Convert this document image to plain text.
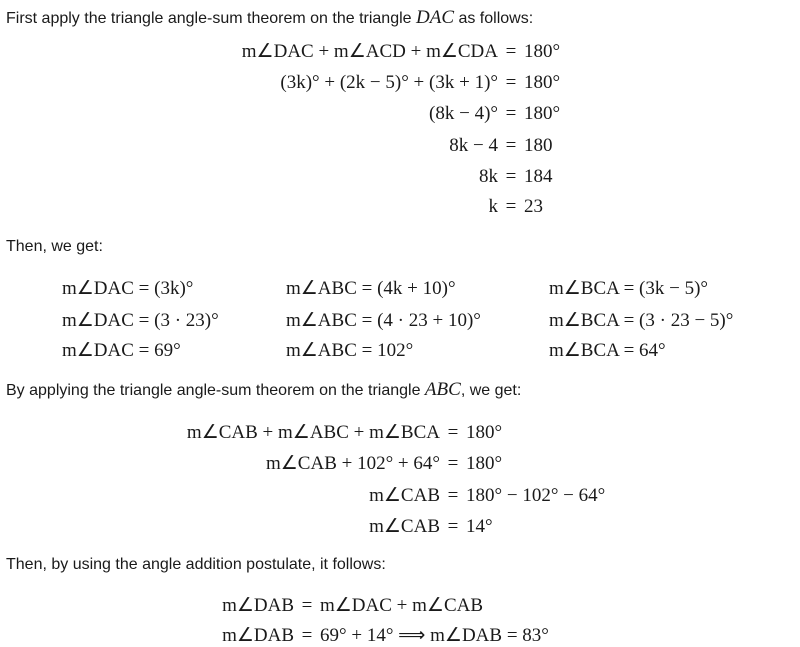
First apply the triangle angle-sum theorem on the triangle DAC as follows:
m∠DAC + m∠ACD + m∠CDA = 180°
(3k)° + (2k − 5)° + (3k + 1)° = 180°
(8k − 4)° = 180°
8k − 4 = 180
8k = 184
k = 23
Then, we get:
m∠DAC = (3k)°
m∠DAC = (3 · 23)°
m∠DAC = 69°
m∠ABC = (4k + 10)°
m∠ABC = (4 · 23 + 10)°
m∠ABC = 102°
m∠BCA = (3k − 5)°
m∠BCA = (3 · 23 − 5)°
m∠BCA = 64°
By applying the triangle angle-sum theorem on the triangle ABC, we get:
m∠CAB + m∠ABC + m∠BCA = 180°
m∠CAB + 102° + 64° = 180°
m∠CAB = 180° − 102° − 64°
m∠CAB = 14°
Then, by using the angle addition postulate, it follows:
m∠DAB = m∠DAC + m∠CAB
m∠DAB = 69° + 14° ⟹ m∠DAB = 83°
